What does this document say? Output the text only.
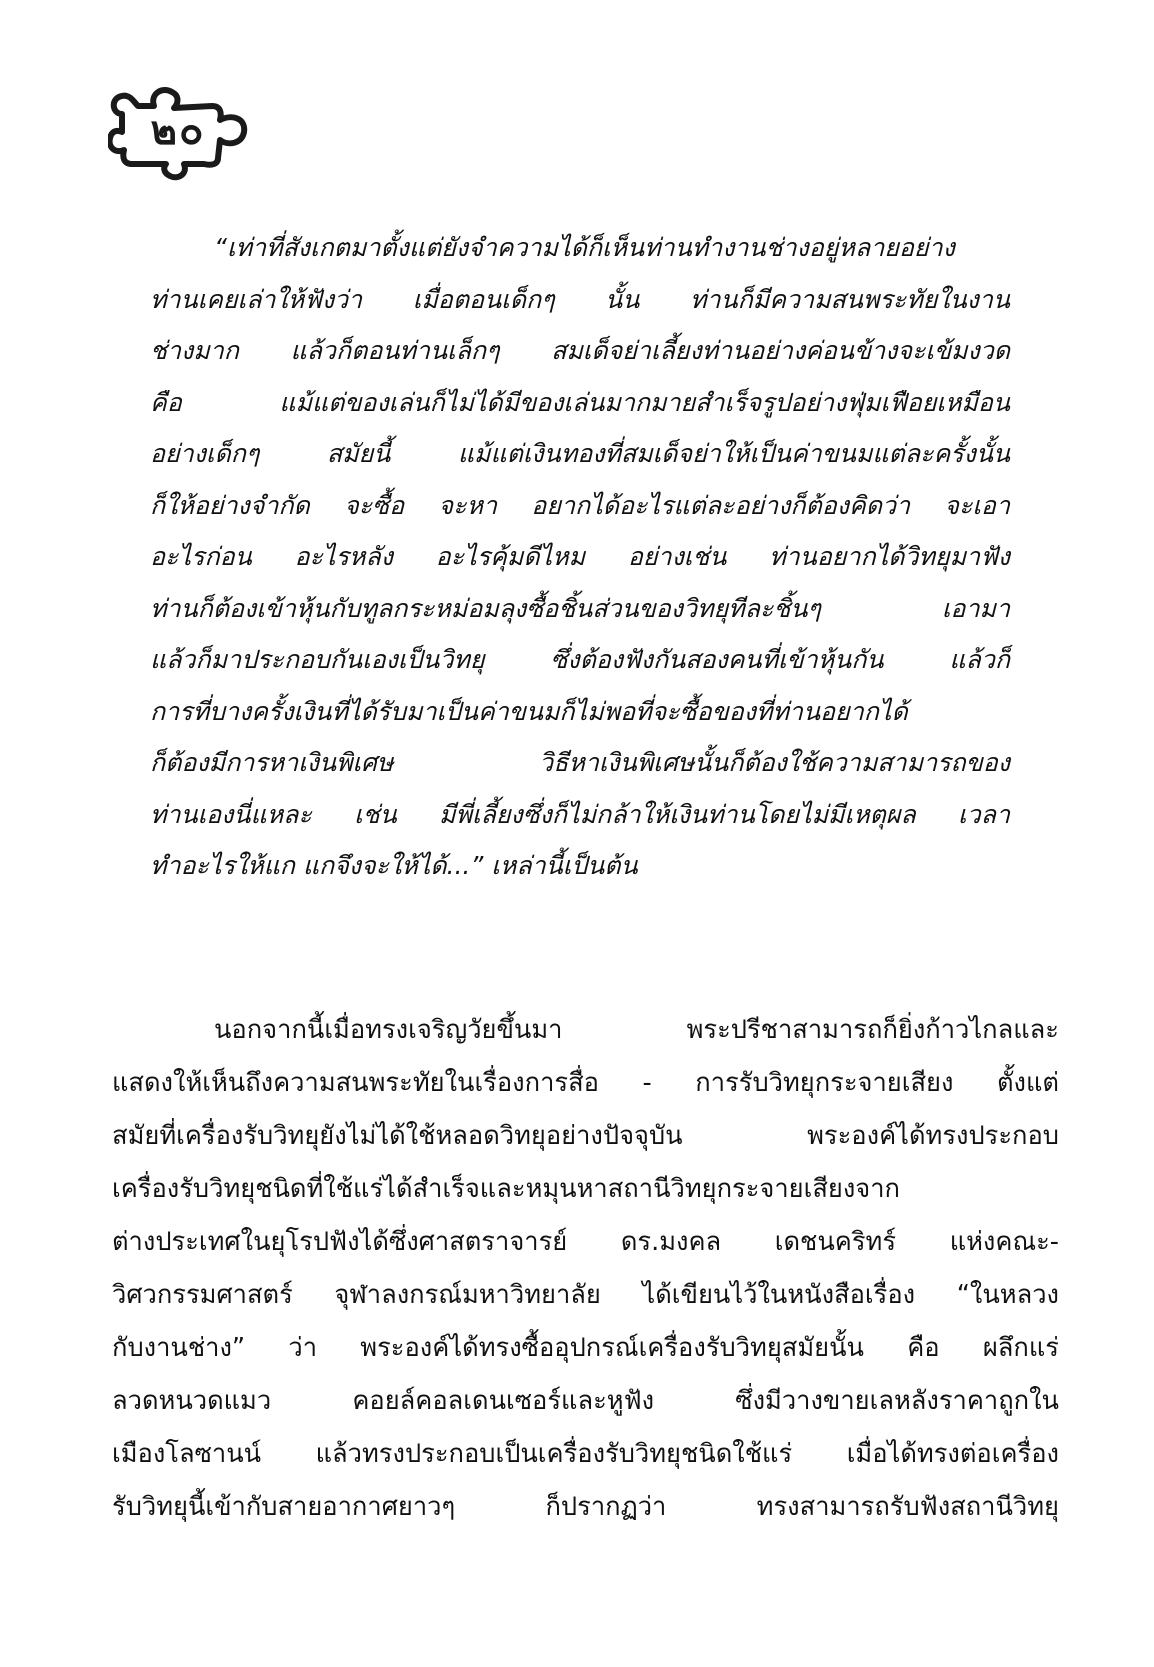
๒๐
“เท่าที่สังเกตมาตั้งแต่ยังจำความได้ก็เห็นท่านทำงานช่างอยู่หลายอย่าง
ท่านเคยเล่าให้ฟังว่า เมื่อตอนเด็กๆ นั้น ท่านก็มีความสนพระทัยในงาน
ช่างมาก แล้วก็ตอนท่านเล็กๆ สมเด็จย่าเลี้ยงท่านอย่างค่อนข้างจะเข้มงวด
คือ แม้แต่ของเล่นก็ไม่ได้มีของเล่นมากมายสำเร็จรูปอย่างฟุ่มเฟือยเหมือน
อย่างเด็กๆ สมัยนี้ แม้แต่เงินทองที่สมเด็จย่าให้เป็นค่าขนมแต่ละครั้งนั้น
ก็ให้อย่างจำกัด จะซื้อ จะหา อยากได้อะไรแต่ละอย่างก็ต้องคิดว่า จะเอา
อะไรก่อน อะไรหลัง อะไรคุ้มดีไหม อย่างเช่น ท่านอยากได้วิทยุมาฟัง
ท่านก็ต้องเข้าหุ้นกับทูลกระหม่อมลุงซื้อชิ้นส่วนของวิทยุทีละชิ้นๆ เอามา
แล้วก็มาประกอบกันเองเป็นวิทยุ ซึ่งต้องฟังกันสองคนที่เข้าหุ้นกัน แล้วก็
การที่บางครั้งเงินที่ได้รับมาเป็นค่าขนมก็ไม่พอที่จะซื้อของที่ท่านอยากได้
ก็ต้องมีการหาเงินพิเศษ วิธีหาเงินพิเศษนั้นก็ต้องใช้ความสามารถของ
ท่านเองนี่แหละ เช่น มีพี่เลี้ยงซึ่งก็ไม่กล้าให้เงินท่านโดยไม่มีเหตุผล เวลา
ทำอะไรให้แก แกจึงจะให้ได้...” เหล่านี้เป็นต้น
นอกจากนี้เมื่อทรงเจริญวัยขึ้นมา พระปรีชาสามารถก็ยิ่งก้าวไกลและ
แสดงให้เห็นถึงความสนพระทัยในเรื่องการสื่อ - การรับวิทยุกระจายเสียง ตั้งแต่
สมัยที่เครื่องรับวิทยุยังไม่ได้ใช้หลอดวิทยุอย่างปัจจุบัน พระองค์ได้ทรงประกอบ
เครื่องรับวิทยุชนิดที่ใช้แร่ได้สำเร็จและหมุนหาสถานีวิทยุกระจายเสียงจาก
ต่างประเทศในยุโรปฟังได้ซึ่งศาสตราจารย์ ดร.มงคล เดชนคริทร์ แห่งคณะ-
วิศวกรรมศาสตร์ จุฬาลงกรณ์มหาวิทยาลัย ได้เขียนไว้ในหนังสือเรื่อง “ในหลวง
กับงานช่าง” ว่า พระองค์ได้ทรงซื้ออุปกรณ์เครื่องรับวิทยุสมัยนั้น คือ ผลึกแร่
ลวดหนวดแมว คอยล์คอลเดนเซอร์และหูฟัง ซึ่งมีวางขายเลหลังราคาถูกใน
เมืองโลซานน์ แล้วทรงประกอบเป็นเครื่องรับวิทยุชนิดใช้แร่ เมื่อได้ทรงต่อเครื่อง
รับวิทยุนี้เข้ากับสายอากาศยาวๆ ก็ปรากฏว่า ทรงสามารถรับฟังสถานีวิทยุ
